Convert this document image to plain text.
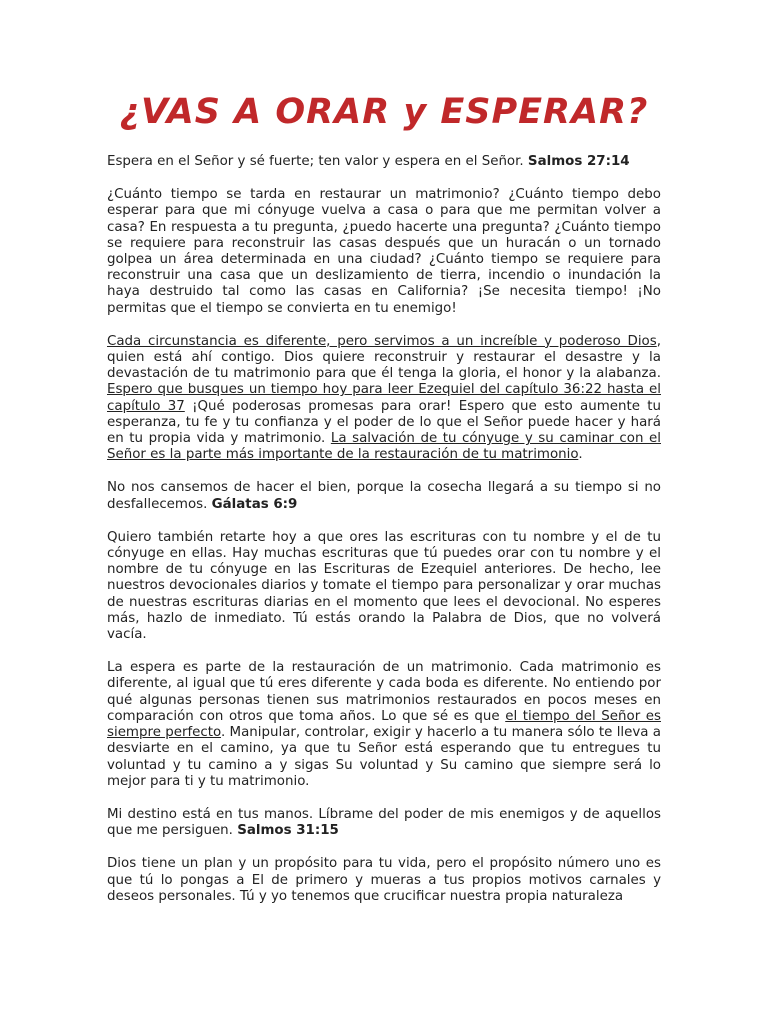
¿VAS A ORAR y ESPERAR?

Espera en el Señor y sé fuerte; ten valor y espera en el Señor. Salmos 27:14

¿Cuánto tiempo se tarda en restaurar un matrimonio? ¿Cuánto tiempo debo esperar para que mi cónyuge vuelva a casa o para que me permitan volver a casa? En respuesta a tu pregunta, ¿puedo hacerte una pregunta? ¿Cuánto tiempo se requiere para reconstruir las casas después que un huracán o un tornado golpea un área determinada en una ciudad? ¿Cuánto tiempo se requiere para reconstruir una casa que un deslizamiento de tierra, incendio o inundación la haya destruido tal como las casas en California? ¡Se necesita tiempo! ¡No permitas que el tiempo se convierta en tu enemigo!

Cada circunstancia es diferente, pero servimos a un increíble y poderoso Dios, quien está ahí contigo. Dios quiere reconstruir y restaurar el desastre y la devastación de tu matrimonio para que él tenga la gloria, el honor y la alabanza. Espero que busques un tiempo hoy para leer Ezequiel del capítulo 36:22 hasta el capítulo 37 ¡Qué poderosas promesas para orar! Espero que esto aumente tu esperanza, tu fe y tu confianza y el poder de lo que el Señor puede hacer y hará en tu propia vida y matrimonio. La salvación de tu cónyuge y su caminar con el Señor es la parte más importante de la restauración de tu matrimonio.

No nos cansemos de hacer el bien, porque la cosecha llegará a su tiempo si no desfallecemos. Gálatas 6:9

Quiero también retarte hoy a que ores las escrituras con tu nombre y el de tu cónyuge en ellas. Hay muchas escrituras que tú puedes orar con tu nombre y el nombre de tu cónyuge en las Escrituras de Ezequiel anteriores. De hecho, lee nuestros devocionales diarios y tomate el tiempo para personalizar y orar muchas de nuestras escrituras diarias en el momento que lees el devocional. No esperes más, hazlo de inmediato. Tú estás orando la Palabra de Dios, que no volverá vacía.

La espera es parte de la restauración de un matrimonio. Cada matrimonio es diferente, al igual que tú eres diferente y cada boda es diferente. No entiendo por qué algunas personas tienen sus matrimonios restaurados en pocos meses en comparación con otros que toma años. Lo que sé es que el tiempo del Señor es siempre perfecto. Manipular, controlar, exigir y hacerlo a tu manera sólo te lleva a desviarte en el camino, ya que tu Señor está esperando que tu entregues tu voluntad y tu camino a y sigas Su voluntad y Su camino que siempre será lo mejor para ti y tu matrimonio.

Mi destino está en tus manos. Líbrame del poder de mis enemigos y de aquellos que me persiguen. Salmos 31:15

Dios tiene un plan y un propósito para tu vida, pero el propósito número uno es que tú lo pongas a El de primero y mueras a tus propios motivos carnales y deseos personales. Tú y yo tenemos que crucificar nuestra propia naturaleza
